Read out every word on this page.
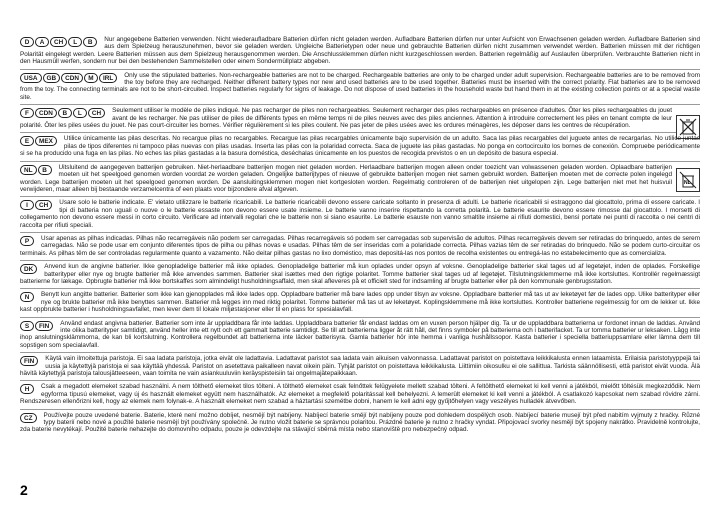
D A CH L B	Nur angegebene Batterien verwenden. Nicht wiederaufladbare Batterien dürfen nicht geladen werden. Aufladbare Batterien dürfen nur unter Aufsicht von Erwachsenen geladen werden. Aufladbare Batterien sind aus dem Spielzeug herauszunehmen, bevor sie geladen werden. Ungleiche Batterietypen oder neue und gebrauchte Batterien dürfen nicht zusammen verwendet werden. Batterien müssen mit der richtigen Polarität eingelegt werden. Leere Batterien müssen aus dem Spielzeug herausgenommen werden. Die Anschlussklemmen dürfen nicht kurzgeschlossen werden. Batterien regelmäßig auf Auslaufen überprüfen. Verbrauchte Batterien nicht in den Hausmüll werfen, sondern nur bei den bestehenden Sammelstellen oder einem Sondermüllplatz abgeben.

USA GB CDN M IRL	Only use the stipulated batteries. Non-rechargeable batteries are not to be charged. Rechargeable batteries are only to be charged under adult supervision. Rechargeable batteries are to be removed from the toy before they are recharged. Neither different battery types nor new and used batteries are to be used together. Batteries must be inserted with the correct polarity. Flat batteries are to be removed from the toy. The connecting terminals are not to be short-circuited. Inspect batteries regularly for signs of leakage. Do not dispose of used batteries in the household waste but hand them in at the existing collection points or at a special waste site.

F CDN B L CH	Seulement utiliser le modèle de piles indiqué. Ne pas recharger de piles non rechargeables. Seulement recharger des piles rechargeables en présence d'adultes. Ôter les piles rechargeables du jouet avant de les recharger. Ne pas utiliser de piles de différents types en même temps ni de piles neuves avec des piles anciennes. Attention à introduire correctement les piles en tenant compte de leur polarité. Ôter les piles usées du jouet. Ne pas court-circuiter les bornes. Vérifier régulièrement si les piles coulent. Ne pas jeter de piles usées avec les ordures ménagères, les déposer dans les centres de récupération.

E MEX	Utilice únicamente las pilas descritas. No recargue pilas no recargables. Recargue las pilas recargables únicamente bajo supervisión de un adulto. Saca las pilas recargables del juguete antes de recargarlas. No utilice juntas pilas de tipos diferentes ni tampoco pilas nuevas con pilas usadas. Inserta las pilas con la polaridad correcta. Saca de juguete las pilas gastadas. No ponga en cortocircuito los bornes de conexión. Compruebe periódicamente si se ha producido una fuga en las pilas. No eches las pilas gastadas a la basura doméstica, deséchalas únicamente en los puestos de recogida previstos o en un depósito de basura especial.

NL
NL B	Uitsluitend de aangegeven batterijen gebruiken. Niet-herlaadbare batterijen mogen niet geladen worden. Herlaadbare batterijen mogen alleen onder toezicht van volwassenen geladen worden. Oplaadbare batterijen moeten uit het speelgoed genomen worden voordat ze worden geladen. Ongelijke batterijtypes of nieuwe of gebruikte batterijen mogen niet samen gebruikt worden. Batterijen moeten met de correcte polen ingelegd worden. Lege batterijen moeten uit het speelgoed genomen worden. De aansluitingsklemmen mogen niet kortgesloten worden. Regelmatig controleren of de batterijen niet uitgelopen zijn. Lege batterijen niet met het huisvuil verwijderen, maar alleen bij bestaande verzamelcentra of een plaats voor bijzondere afval afgeven.

I CH	Usare solo le batterie indicate. E' vietato utilizzare le batterie ricaricabili. Le batterie ricaricabili devono essere caricate soltanto in presenza di adulti. Le batterie ricaricabili si estraggono dal giocattolo, prima di essere caricate. I tipi di batteria non uguali o nuove o le batterie essaste non devono essere usate insieme. Le batterie vanno inserire rispettando la corretta polarità. Le batterie esaurite devono essere rimosse dal giocattolo. I morsetti di collegamento non devono essere messi in corto circuito. Verificare ad intervalli regolari che le batterie non si siano esaurite. Le batterie esauste non vanno smaltite insieme ai rifiuti domestici, bensì portate nei punti di raccolta o nei centri di raccolta per rifiuti speciali.

P	Usar apenas as pilhas indicadas. Pilhas não recarregáveis não podem ser carregadas. Pilhas recarregáveis só podem ser carregadas sob supervisão de adultos. Pilhas recarregáveis devem ser retiradas do brinquedo, antes de serem carregadas. Não se pode usar em conjunto diferentes tipos de pilha ou pilhas novas e usadas. Pilhas têm de ser inseridas com a polaridade correcta. Pilhas vazias têm de ser retiradas do brinquedo. Não se podem curto-circuitar os terminais. As pilhas têm de ser controladas regularmente quanto a vazamento. Não deitar pilhas gastas no lixo doméstico, mas depositá-las nos pontos de recolha existentes ou entregá-las no estabelecimento que as comercializa.

DK	Anvend kun de angivne batterier. Ikke genopladelige batterier må ikke oplades. Genopladelige batterier må kun oplades under opsyn af voksne. Genopladelige batterier skal tages ud af legetøjet, inden de oplades. Forskellige batterityper eller nye og brugte batterier må ikke anvendes sammen. Batterier skal isættes med den rigtige polaritet. Tomme batterier skal tages ud af legetøjet. Tilslutningsklemmerne må ikke kortsluttes. Kontrollér regelmæssigt batterierne for lækage. Opbrugte batterier må ikke bortskaffes som almindeligt husholdningsaffald, men skal afleveres på et officielt sted for indsamling af brugte batterier eller på den kommunale genbrugsstation.

N	Benytt kun angitte batterier. Batterier som ikke kan gjenopplades må ikke lades opp. Oppladbare batterier må bare lades opp under tilsyn av voksne. Oppladbare batterier må tas ut av leketøyet før de lades opp. Ulike batterityper eller nye og brukte batterier må ikke benyttes sammen. Batterier må legges inn med riktig polaritet. Tomme batterier må tas ut av leketøyet. Koplingsklemmene må ikke kortsluttes. Kontroller batteriene regelmessig for om de lekker ut. Ikke kast oppbrukte batterier i husholdningsavfallet, men lever dem til lokale miljøstasjoner eller til en plass for spesialavfall.

S FIN	Använd endast angivna batterier. Batterier som inte är uppladdbara får inte laddas. Uppladdbara batterier får endast laddas om en vuxen person hjälper dig. Ta ur de uppladdbara batterierna ur fordonet innan de laddas. Använd inte olika batterityper samtidigt, använd heller inte ett nytt och ett gammalt batterie samtidigt. Se till att batterierna ligger åt rätt håll, det finns symboler på batterierna och i batterifacket. Ta ur tomma batterier ur leksaken. Lägg inte ihop anslutningsklämmorna, de kan bli kortslutning. Kontrollera regelbundet att batterierna inte läcker batterisyra. Gamla batterier hör inte hemma i vanliga hushållssopor. Kasta batterier i speciella batteriuppsamlare eller lämna dem till sopstigen som specialavfall.

FIN	Käytä vain ilmoitettuja paristoja. Ei saa ladata paristoja, jotka eivät ole ladattavia. Ladattavat paristot saa ladata vain aikuisen valvonnassa. Ladattavat paristot on poistettava leikkikalusta ennen lataamista. Erilaisia paristotyyppejä tai uusia ja käytettyjä paristoja ei saa käyttää yhdessä. Paristot on asetettava paikalleen navat oikein päin. Tyhjät paristot on poistettava leikkikalusta. Liittimiin oikosulku ei ole sallittua. Tarkista säännöllisesti, että paristot eivät vuoda. Älä hävitä käytettyjä paristoja talousjätteeseen, vaan toimita ne vain asiankuuluviin keräyspisteisiin tai ongelmajätepaikkaan.

H	Csak a megadott elemeket szabad használni. A nem tölthető elemeket tilos tölteni. A tölthető elemeket csak felnőttek felügyelete mellett szabad tölteni. A feltölthető elemeket ki kell venni a játékból, mielőtt töltésük megkezdődik. Nem egyforma típusú elemeket, vagy új és használt elemeket együtt nem használhatók. Az elemeket a megfelelő polaritással kell behelyezni. A lemerült elemeket ki kell venni a játékból. A csatlakozó kapcsokat nem szabad rövidre zárni. Rendszeresen ellenőrizni kell, hogy az elemek nem folynak-e. A használt elemeket nem szabad a háztartási szemétbe dobni, hanem le kell adni egy gyűjtőhelyen vagy veszélyes hulladék átvevőben.

CZ	Používejte pouze uvedené baterie. Baterie, které není možno dobíjet, nesmějí být nabíjeny. Nabíjecí baterie smějí být nabíjeny pouze pod dohledem dospělých osob. Nabíjecí baterie musejí být před nabitím vyjmuty z hračky. Různé typy baterií nebo nové a použité baterie nesmějí být používány společně. Je nutno vložit baterie se správnou polaritou. Prázdné baterie je nutno z hračky vyndat. Připojovací svorky nesmějí být spojeny nakrátko. Pravidelně kontrolujte, zda baterie nevytékají. Použité baterie nehazejte do domovního odpadu, pouze je odevzdejte na stávající sběrná místa nebo stanoviště pro nebezpečný odpad.

2
